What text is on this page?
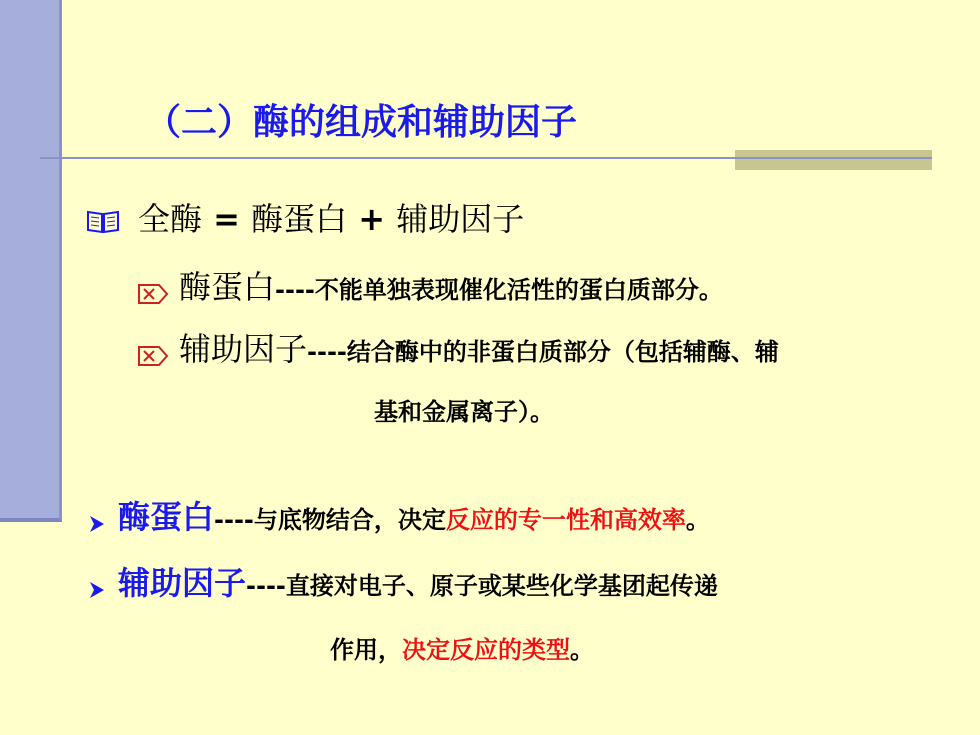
（二）酶的组成和辅助因子
全酶 = 酶蛋白 + 辅助因子
酶蛋白----不能单独表现催化活性的蛋白质部分。
辅助因子----结合酶中的非蛋白质部分（包括辅酶、辅
基和金属离子）。
酶蛋白----与底物结合，决定反应的专一性和高效率。
辅助因子----直接对电子、原子或某些化学基团起传递
作用，决定反应的类型。
